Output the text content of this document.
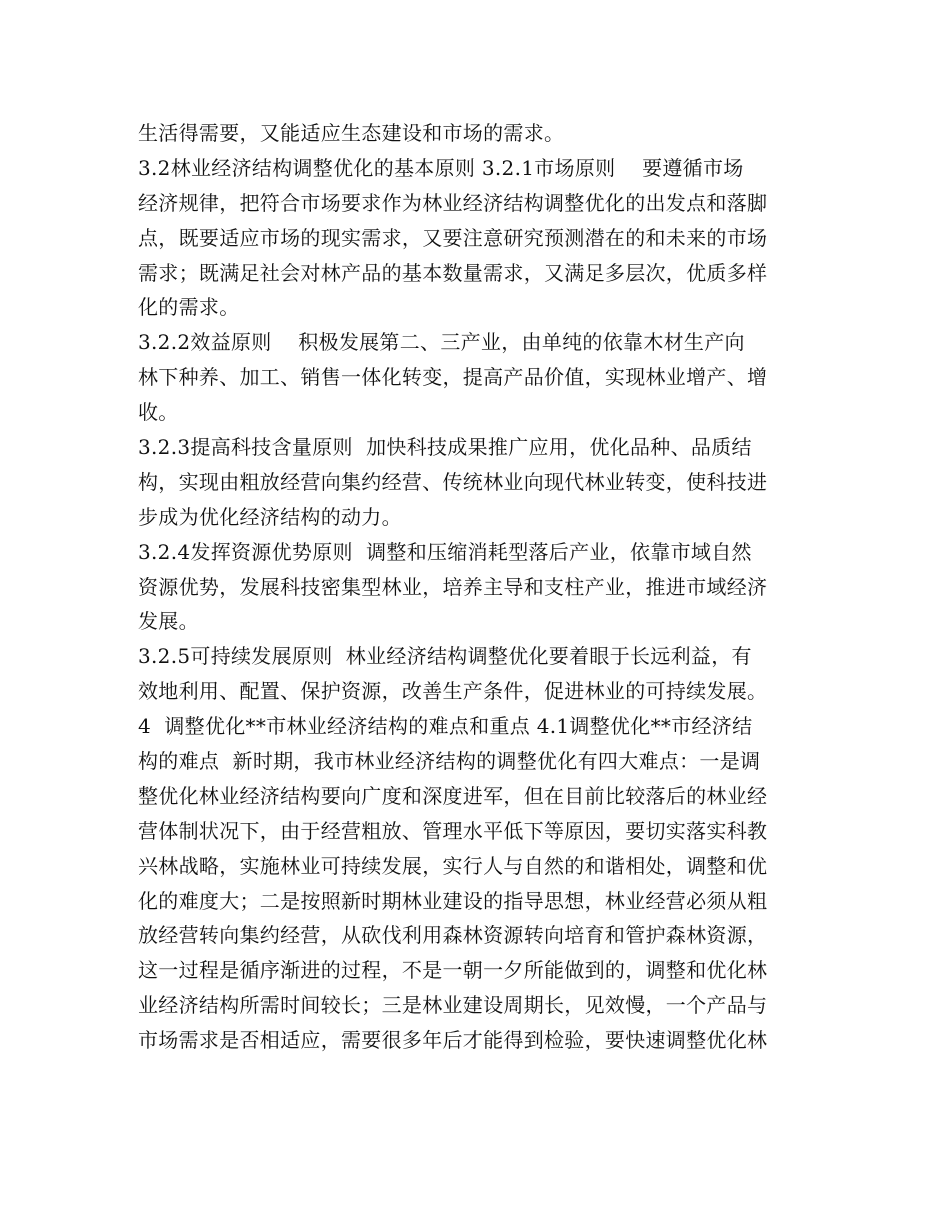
生活得需要，又能适应生态建设和市场的需求。
3.2林业经济结构调整优化的基本原则 3.2.1市场原则    要遵循市场
经济规律，把符合市场要求作为林业经济结构调整优化的出发点和落脚
点，既要适应市场的现实需求，又要注意研究预测潜在的和未来的市场
需求；既满足社会对林产品的基本数量需求，又满足多层次，优质多样
化的需求。
3.2.2效益原则    积极发展第二、三产业，由单纯的依靠木材生产向
林下种养、加工、销售一体化转变，提高产品价值，实现林业增产、增
收。
3.2.3提高科技含量原则  加快科技成果推广应用，优化品种、品质结
构，实现由粗放经营向集约经营、传统林业向现代林业转变，使科技进
步成为优化经济结构的动力。
3.2.4发挥资源优势原则  调整和压缩消耗型落后产业，依靠市域自然
资源优势，发展科技密集型林业，培养主导和支柱产业，推进市域经济
发展。
3.2.5可持续发展原则  林业经济结构调整优化要着眼于长远利益，有
效地利用、配置、保护资源，改善生产条件，促进林业的可持续发展。
4  调整优化**市林业经济结构的难点和重点 4.1调整优化**市经济结
构的难点  新时期，我市林业经济结构的调整优化有四大难点：一是调
整优化林业经济结构要向广度和深度进军，但在目前比较落后的林业经
营体制状况下，由于经营粗放、管理水平低下等原因，要切实落实科教
兴林战略，实施林业可持续发展，实行人与自然的和谐相处，调整和优
化的难度大；二是按照新时期林业建设的指导思想，林业经营必须从粗
放经营转向集约经营，从砍伐利用森林资源转向培育和管护森林资源，
这一过程是循序渐进的过程，不是一朝一夕所能做到的，调整和优化林
业经济结构所需时间较长；三是林业建设周期长，见效慢，一个产品与
市场需求是否相适应，需要很多年后才能得到检验，要快速调整优化林
